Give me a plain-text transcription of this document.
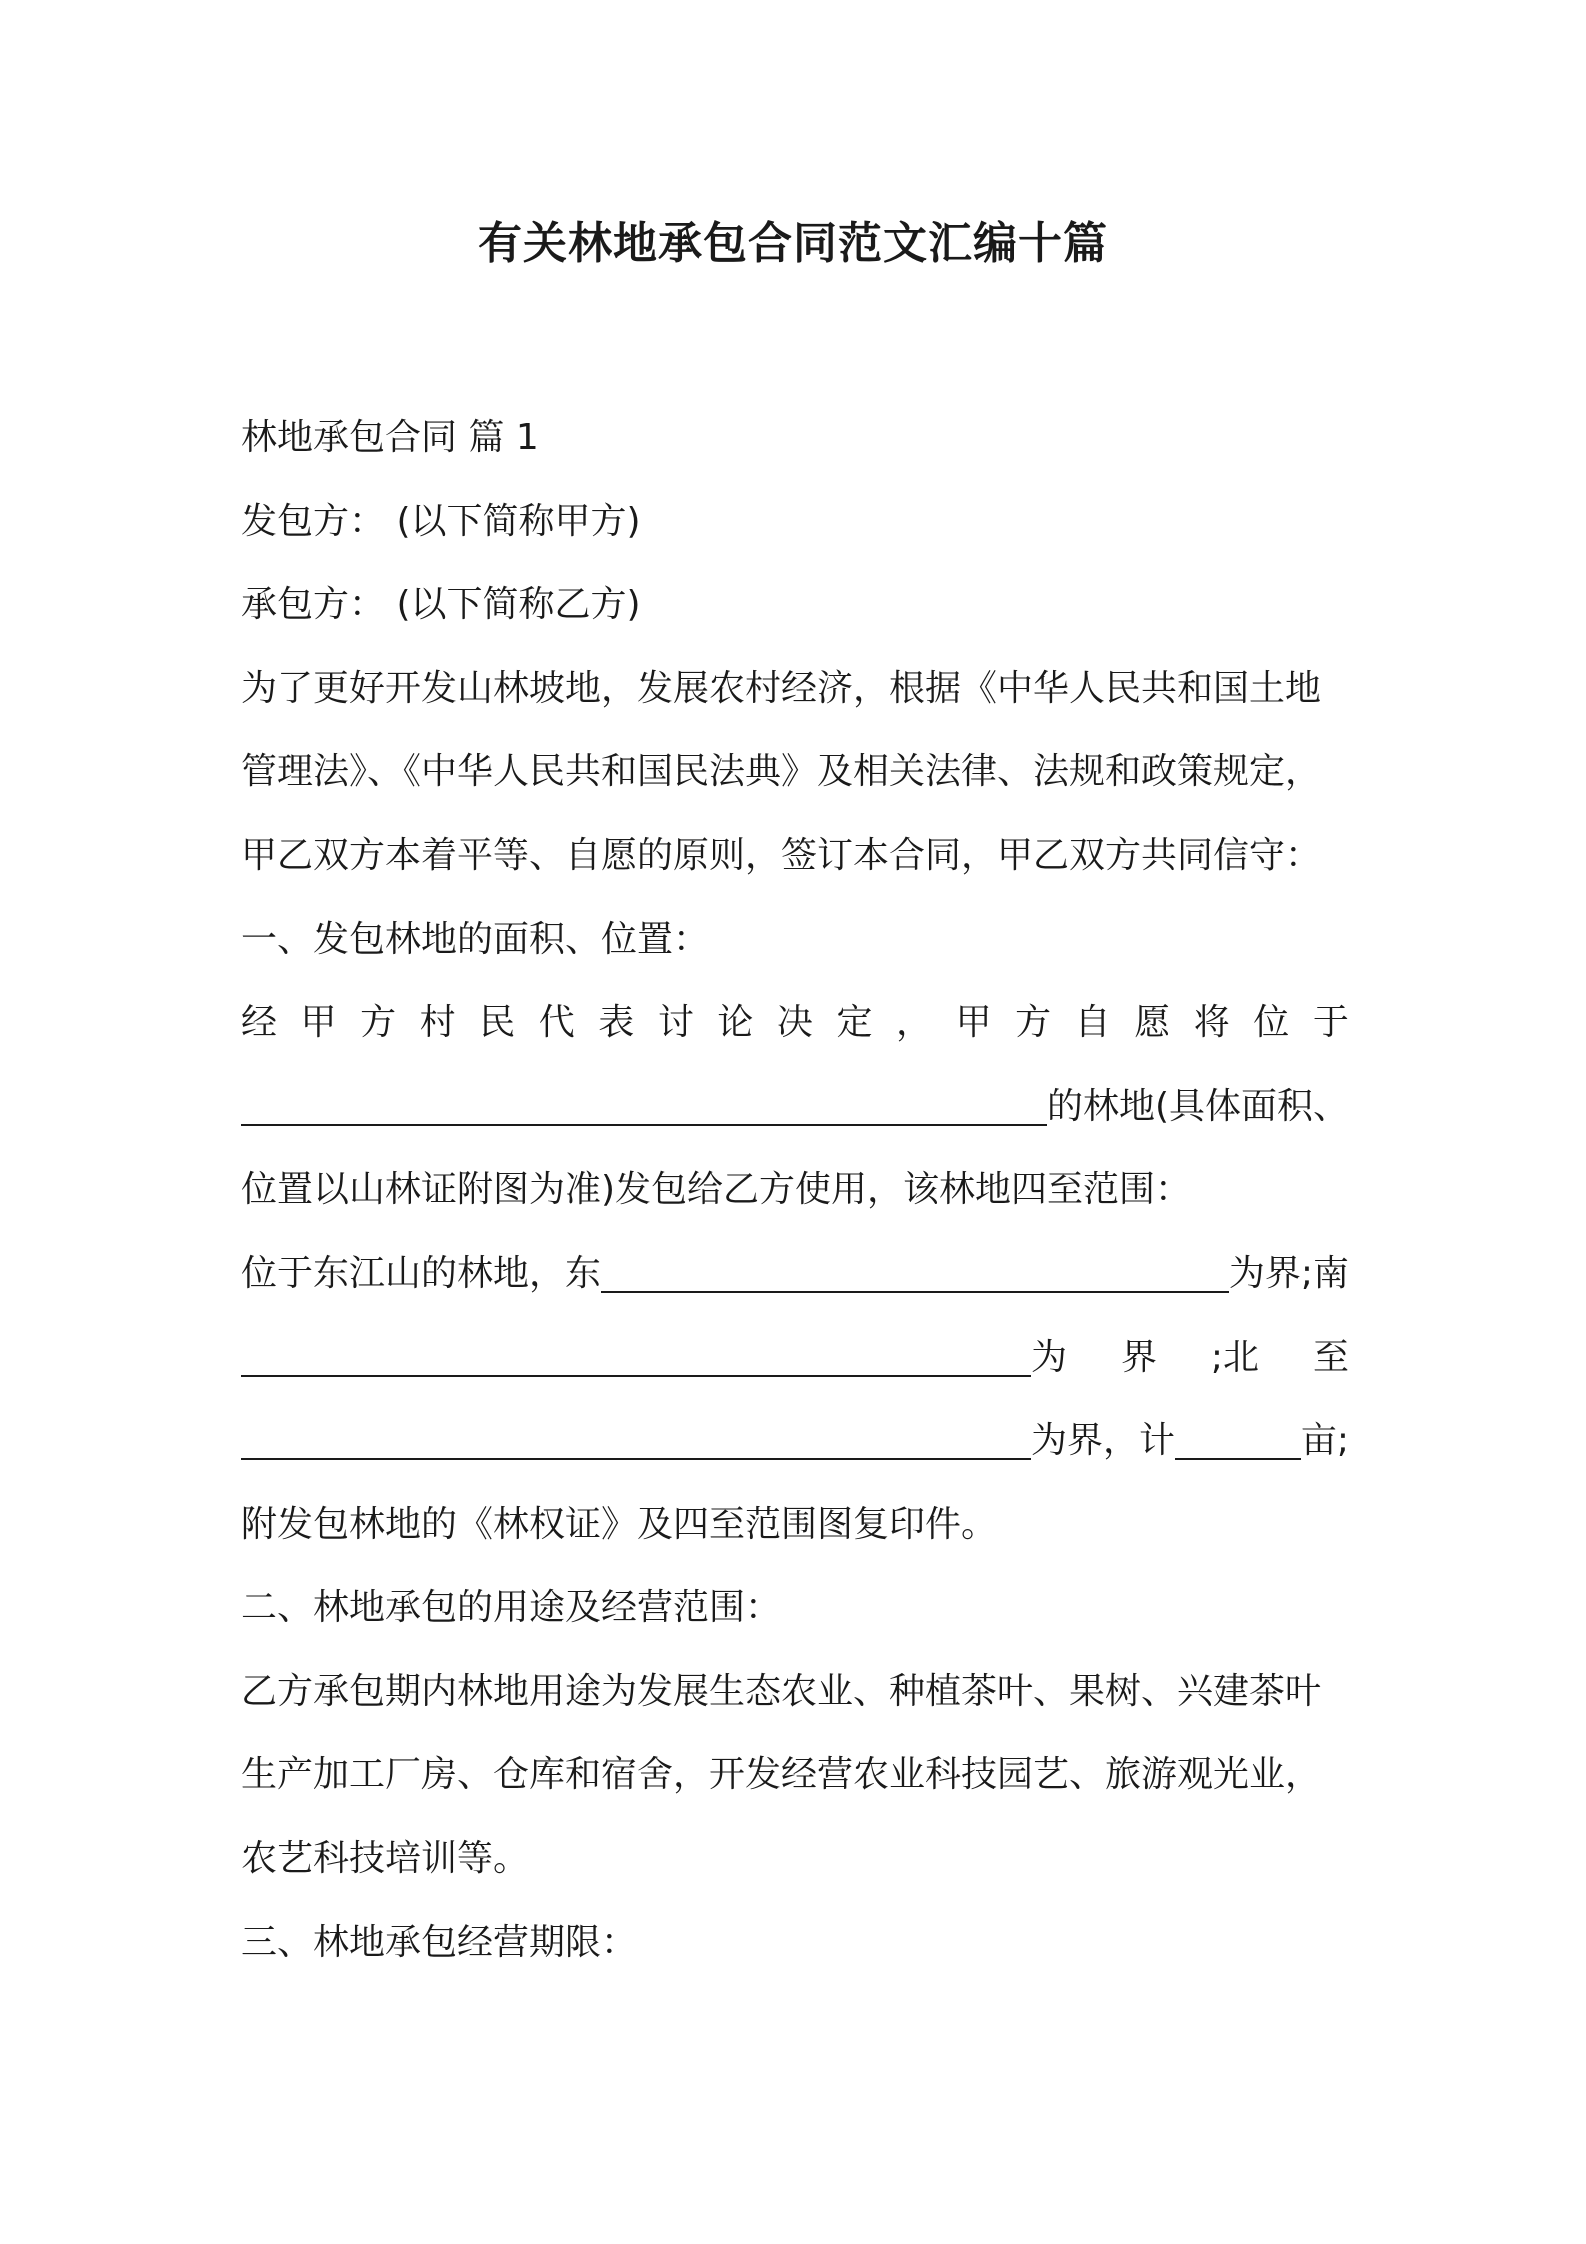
有关林地承包合同范文汇编十篇
林地承包合同 篇 1
发包方： (以下简称甲方)
承包方： (以下简称乙方)
为了更好开发山林坡地，发展农村经济，根据《中华人民共和国土地
管理法》、《中华人民共和国民法典》及相关法律、法规和政策规定，
甲乙双方本着平等、自愿的原则，签订本合同，甲乙双方共同信守：
一、发包林地的面积、位置：
经 甲 方 村 民 代 表 讨 论 决 定 ， 甲 方 自 愿 将 位 于
的林地(具体面积、
位置以山林证附图为准)发包给乙方使用，该林地四至范围：
位于东江山的林地，东	为界;南
为 界 ;北 至
为界，计	亩;
附发包林地的《林权证》及四至范围图复印件。
二、林地承包的用途及经营范围：
乙方承包期内林地用途为发展生态农业、种植茶叶、果树、兴建茶叶
生产加工厂房、仓库和宿舍，开发经营农业科技园艺、旅游观光业，
农艺科技培训等。
三、林地承包经营期限：
